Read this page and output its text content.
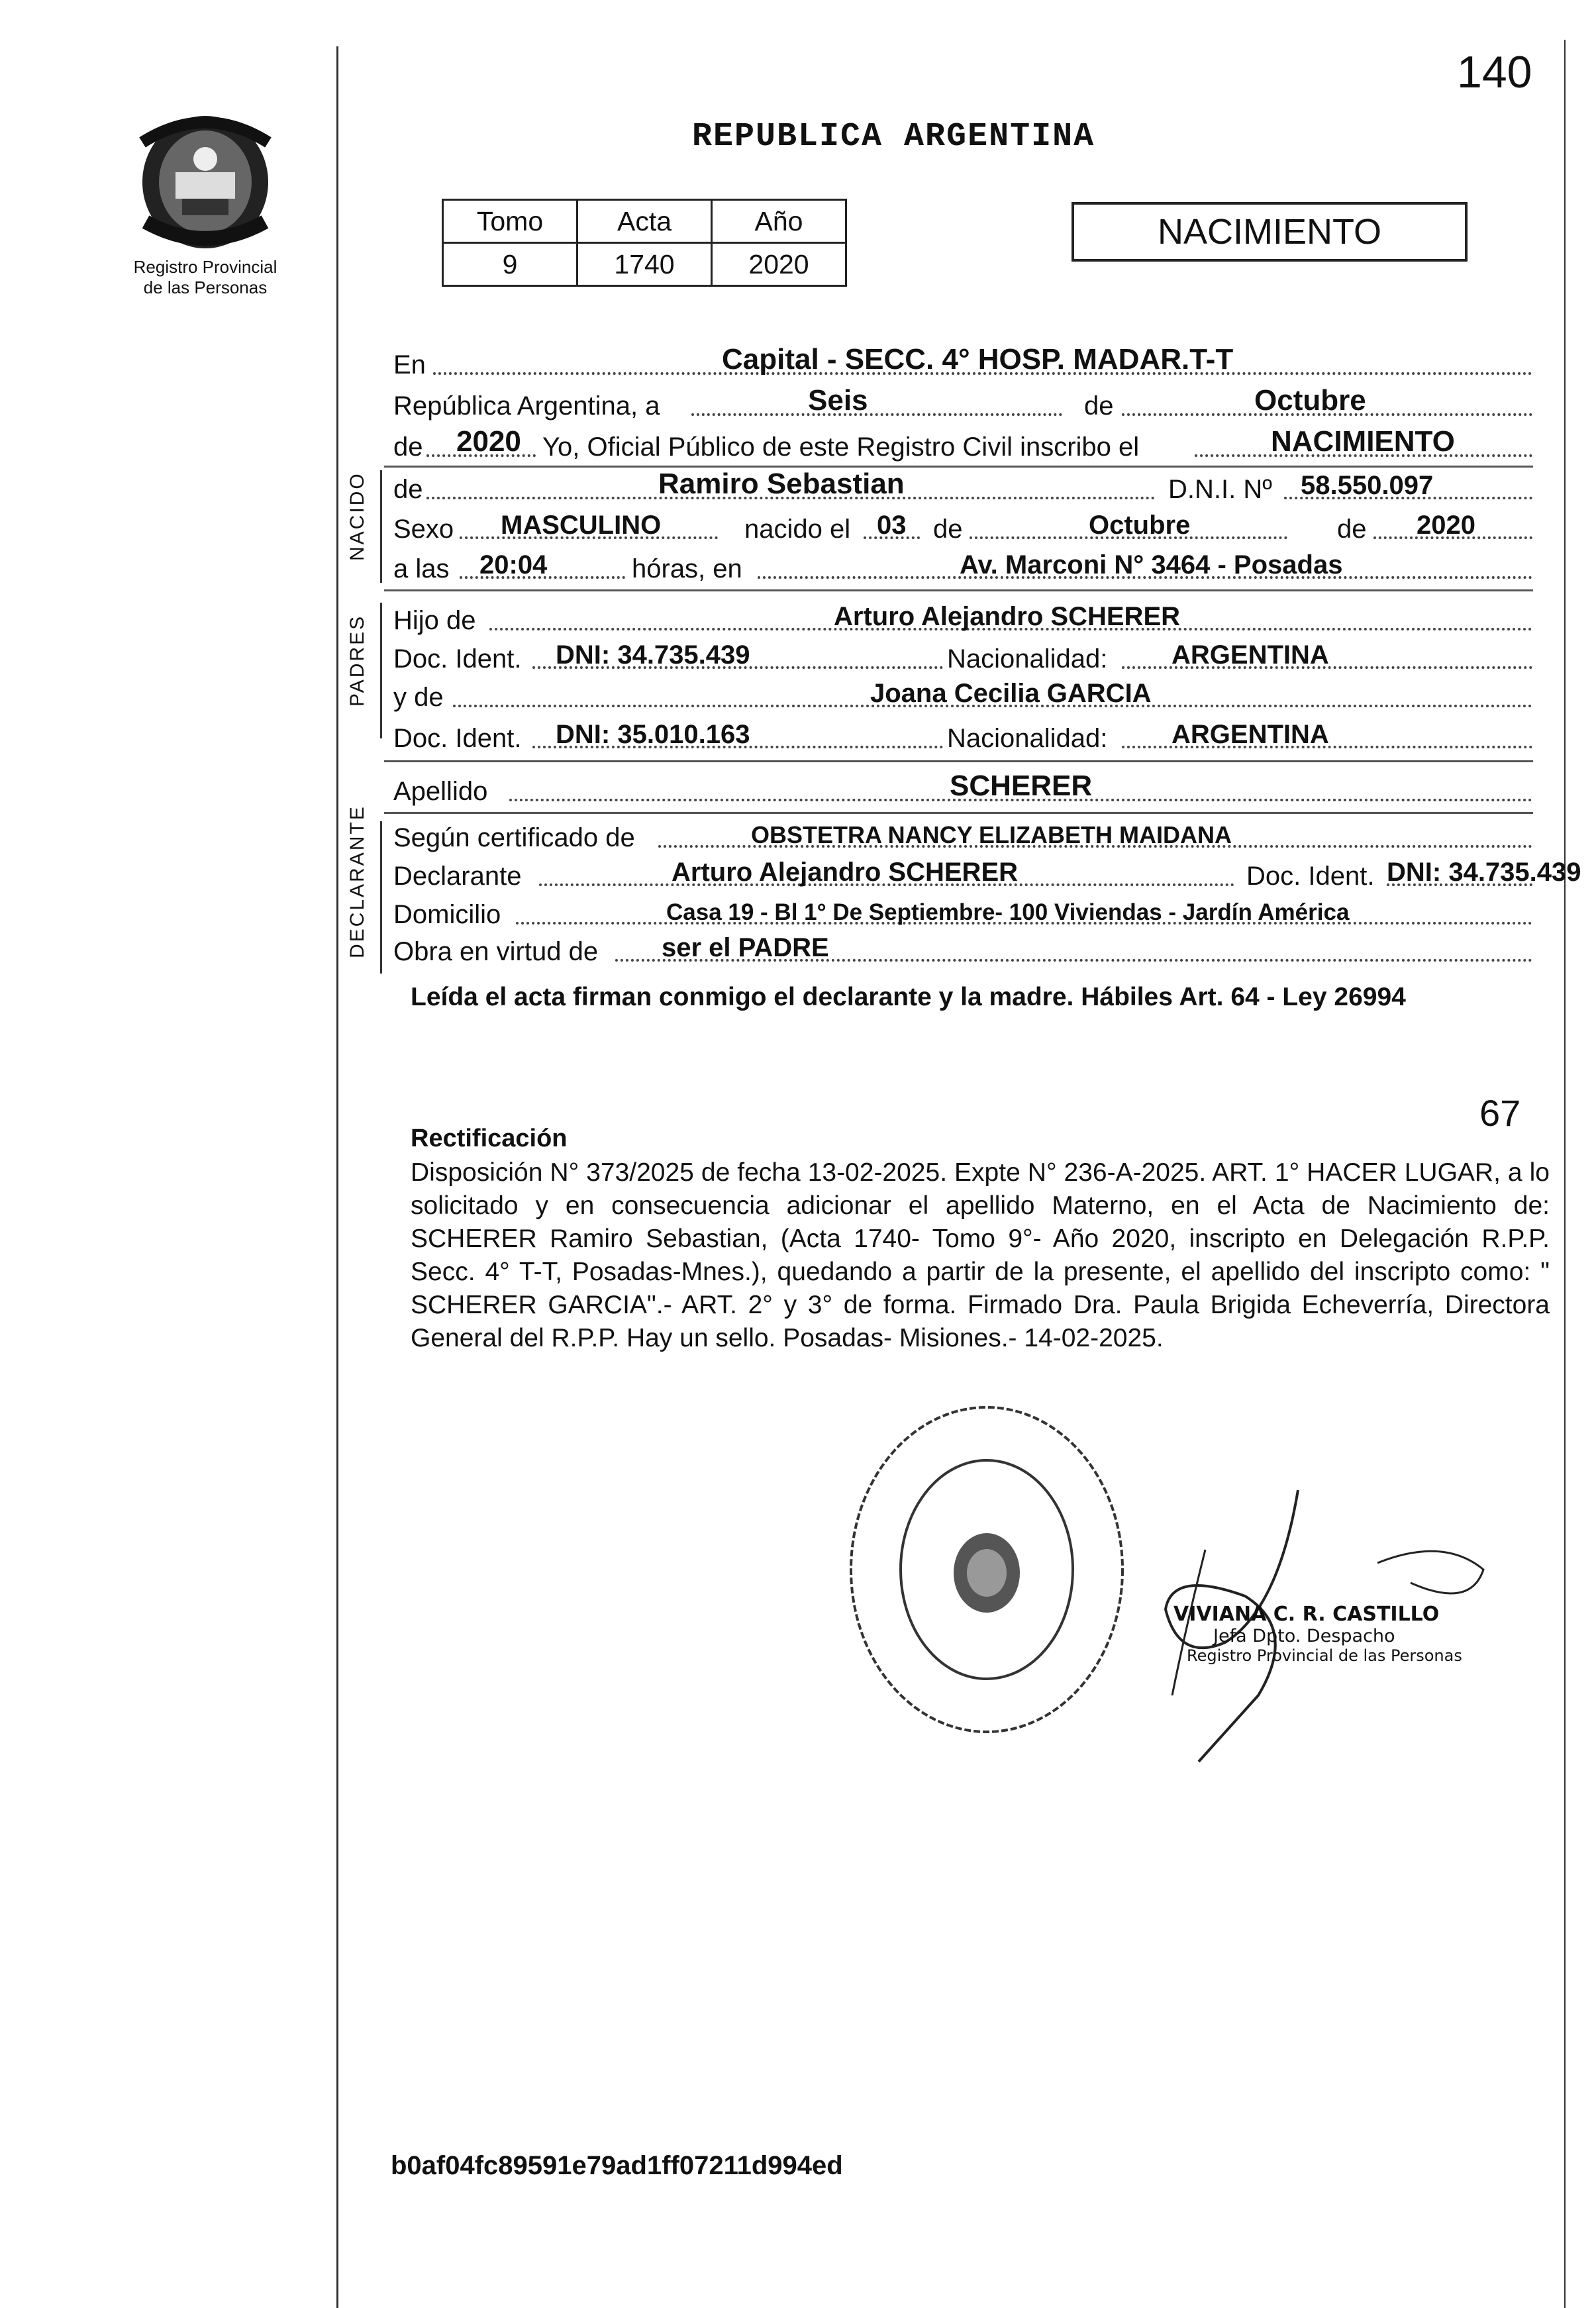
140
Registro Provincial
de las Personas
REPUBLICA ARGENTINA
Tomo	Acta	Año
9	1740	2020
NACIMIENTO
En	Capital - SECC. 4° HOSP. MADAR.T-T
República Argentina, a	Seis	de	Octubre
de 2020 Yo, Oficial Público de este Registro Civil inscribo el	NACIMIENTO
NACIDO de	Ramiro Sebastian	D.N.I. Nº 58.550.097
Sexo MASCULINO	nacido el 03 de	Octubre	de 2020
a las 20:04	hóras, en	Av. Marconi N° 3464 - Posadas
PADRES Hijo de	Arturo Alejandro SCHERER
Doc. Ident. DNI: 34.735.439	Nacionalidad: ARGENTINA
y de	Joana Cecilia GARCIA
Doc. Ident. DNI: 35.010.163	Nacionalidad: ARGENTINA
Apellido	SCHERER
DECLARANTE Según certificado de	OBSTETRA NANCY ELIZABETH MAIDANA
Declarante	Arturo Alejandro SCHERER	Doc. Ident. DNI: 34.735.439
Domicilio	Casa 19 - Bl 1° De Septiembre- 100 Viviendas - Jardín América
Obra en virtud de ser el PADRE
Leída el acta firman conmigo el declarante y la madre. Hábiles Art. 64 - Ley 26994
67
Rectificación
Disposición N° 373/2025 de fecha 13-02-2025. Expte N° 236-A-2025. ART. 1° HACER LUGAR, a lo solicitado y en consecuencia adicionar el apellido Materno, en el Acta de Nacimiento de: SCHERER Ramiro Sebastian, (Acta 1740- Tomo 9°- Año 2020, inscripto en Delegación R.P.P. Secc. 4° T-T, Posadas-Mnes.), quedando a partir de la presente, el apellido del inscripto como: " SCHERER GARCIA".- ART. 2° y 3° de forma. Firmado Dra. Paula Brigida Echeverría, Directora General del R.P.P. Hay un sello. Posadas- Misiones.- 14-02-2025.
VIVIANA C. R. CASTILLO
Jefa Dpto. Despacho
Registro Provincial de las Personas
b0af04fc89591e79ad1ff07211d994ed
